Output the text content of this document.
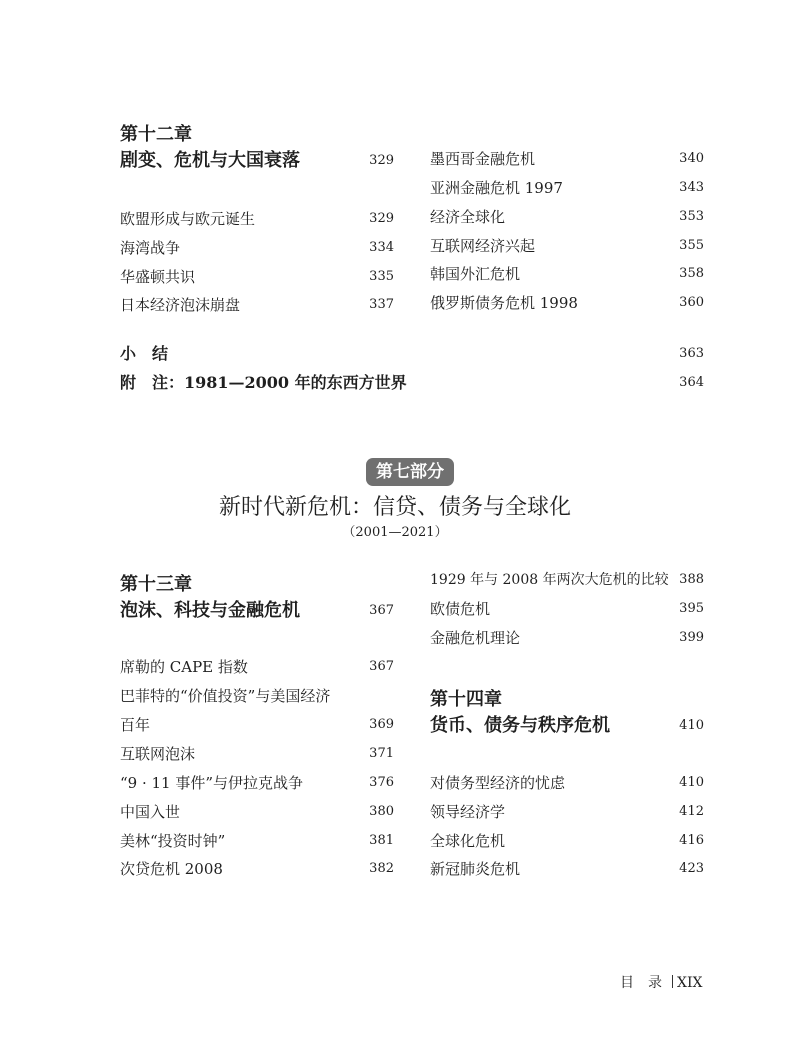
第十二章
剧变、危机与大国衰落	329
欧盟形成与欧元诞生	329
海湾战争	334
华盛顿共识	335
日本经济泡沫崩盘	337
墨西哥金融危机	340
亚洲金融危机 1997	343
经济全球化	353
互联网经济兴起	355
韩国外汇危机	358
俄罗斯债务危机 1998	360
小　结	363
附　注：1981—2000 年的东西方世界	364
第七部分
新时代新危机：信贷、债务与全球化
（2001—2021）
第十三章
泡沫、科技与金融危机	367
席勒的 CAPE 指数	367
巴菲特的“价值投资”与美国经济
百年	369
互联网泡沫	371
“9 · 11 事件”与伊拉克战争	376
中国入世	380
美林“投资时钟”	381
次贷危机 2008	382
1929 年与 2008 年两次大危机的比较 388
欧债危机	395
金融危机理论	399
第十四章
货币、债务与秩序危机	410
对债务型经济的忧虑	410
领导经济学	412
全球化危机	416
新冠肺炎危机	423
目　录 XIX
